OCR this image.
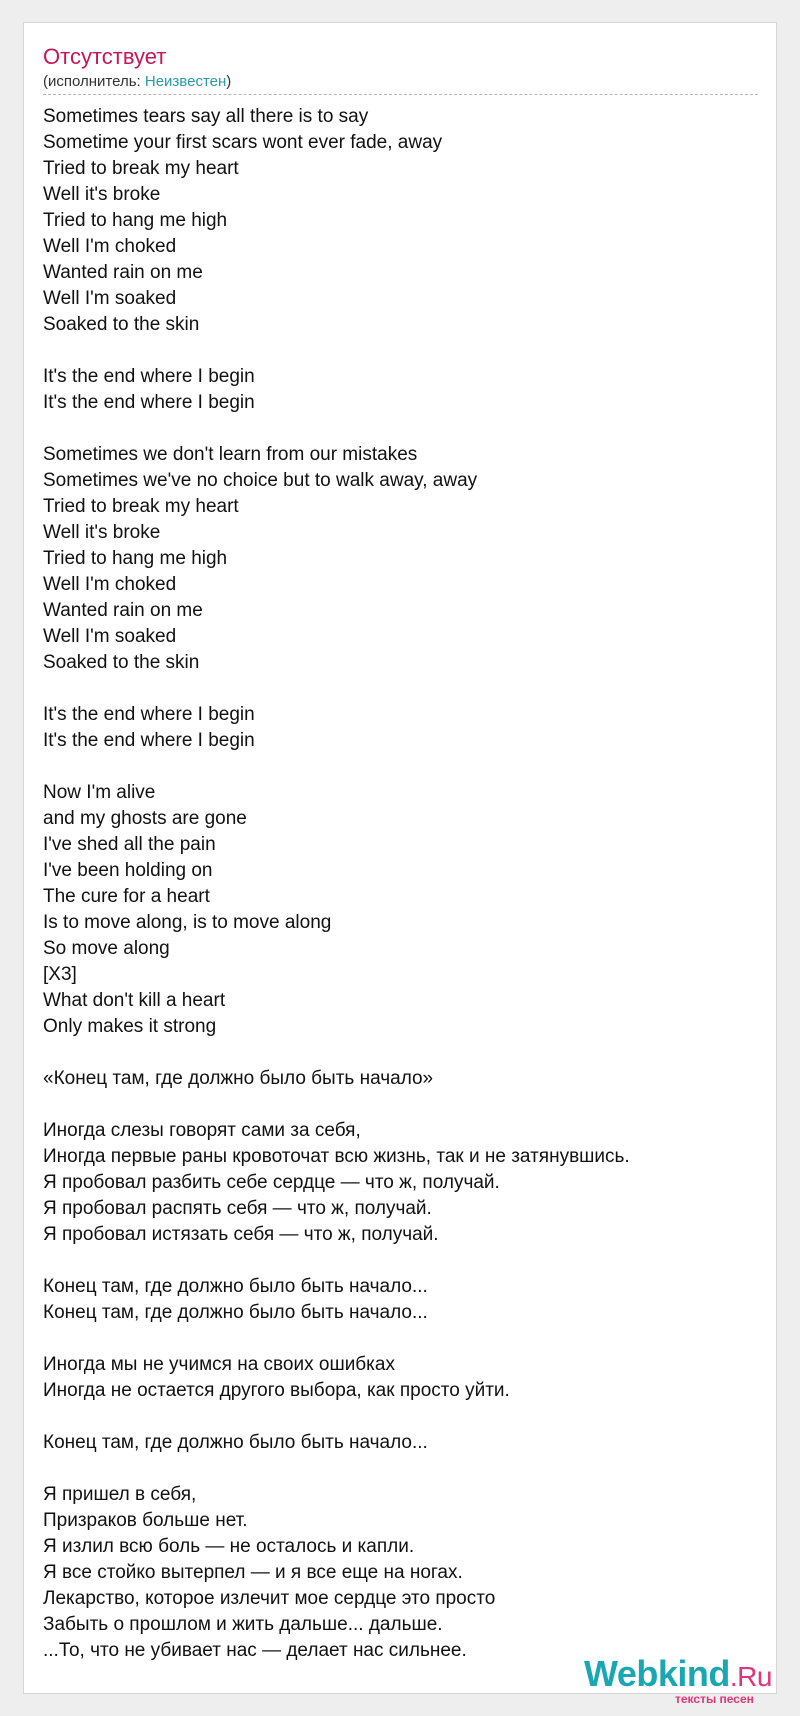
Отсутствует
(исполнитель: Неизвестен)
Sometimes tears say all there is to say
Sometime your first scars wont ever fade, away
Tried to break my heart
Well it's broke
Tried to hang me high
Well I'm choked
Wanted rain on me
Well I'm soaked
Soaked to the skin
It's the end where I begin
It's the end where I begin
Sometimes we don't learn from our mistakes
Sometimes we've no choice but to walk away, away
Tried to break my heart
Well it's broke
Tried to hang me high
Well I'm choked
Wanted rain on me
Well I'm soaked
Soaked to the skin
It's the end where I begin
It's the end where I begin
Now I'm alive
and my ghosts are gone
I've shed all the pain
I've been holding on
The cure for a heart
Is to move along, is to move along
So move along
[X3]
What don't kill a heart
Only makes it strong
«Конец там, где должно было быть начало»
Иногда слезы говорят сами за себя,
Иногда первые раны кровоточат всю жизнь, так и не затянувшись.
Я пробовал разбить себе сердце — что ж, получай.
Я пробовал распять себя — что ж, получай.
Я пробовал истязать себя — что ж, получай.
Конец там, где должно было быть начало...
Конец там, где должно было быть начало...
Иногда мы не учимся на своих ошибках
Иногда не остается другого выбора, как просто уйти.
Конец там, где должно было быть начало...
Я пришел в себя,
Призраков больше нет.
Я излил всю боль — не осталось и капли.
Я все стойко вытерпел — и я все еще на ногах.
Лекарство, которое излечит мое сердце это просто
Забыть о прошлом и жить дальше... дальше.
...То, что не убивает нас — делает нас сильнее.
Webkind.Ru
тексты песен
